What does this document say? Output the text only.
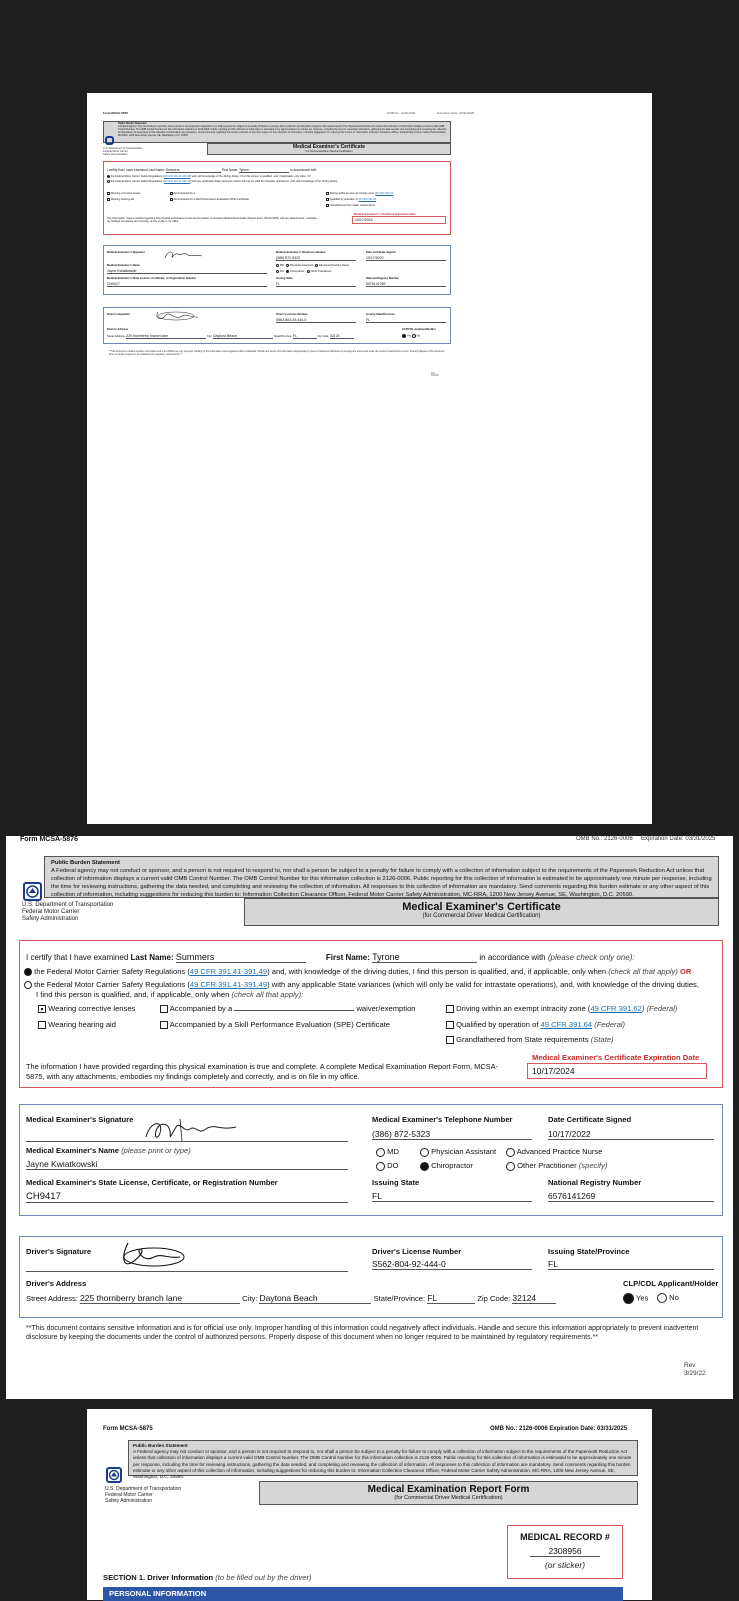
Form MCSA-5876	OMB No.: 2126-0006	Expiration Date: 03/31/2025
Public Burden Statement
A Federal agency may not conduct or sponsor, and a person is not required to respond to, nor shall a person be subject to a penalty for failure to comply with a collection of information subject to the requirements of the Paperwork Reduction Act unless that collection of information displays a current valid OMB Control Number. The OMB Control Number for this information collection is 2126-0006. Public reporting for this collection of information is estimated to be approximately one minute per response, including the time for reviewing instructions, gathering the data needed, and completing and reviewing the collection of information. All responses to this collection of information are mandatory. Send comments regarding this burden estimate or any other aspect of this collection of information, including suggestions for reducing this burden to: Information Collection Clearance Officer, Federal Motor Carrier Safety Administration, MC-RRA, 1200 New Jersey Avenue, SE, Washington, D.C. 20590.
U.S. Department of Transportation
Federal Motor Carrier
Safety Administration
Medical Examiner's Certificate
(for Commercial Driver Medical Certification)
I certify that I have examined Last Name: Summers	First Name: Tyrone	in accordance with
the Federal Motor Carrier Safety Regulations (49 CFR 391.41-391.49) and, with knowledge of the driving duties, I find this person is qualified, and, if applicable, only when OR
the Federal Motor Carrier Safety Regulations (49 CFR 391.41-391.49) with any applicable State variances (which will only be valid for intrastate operations), and, with knowledge of the driving duties,
Wearing corrective lenses
Wearing hearing aid
Accompanied by a
Accompanied by a Skill Performance Evaluation (SPE) Certificate
Driving within an exempt intracity zone (49 CFR 391.62
Qualified by operation of 49 CFR 391.64
Grandfathered from State requirements
The information I have provided regarding this physical examination is true and complete. A complete Medical Examination Report Form, MCSA-5875, with any attachments, embodies my findings completely and correctly, and is on file in my office.
Medical Examiner's Certificate Expiration Date
10/17/2024
Medical Examiner's Signature	Medical Examiner's Telephone Number
(386) 872-5323
Date Certificate Signed
10/17/2022
Medical Examiner's Name
Jayne Kwiatkowski
MD Physician Assistant Advanced Practice Nurse
DO Chiropractor Other Practitioner
Medical Examiner's State License, Certificate, or Registration Number
CH9417
Issuing State
FL
National Registry Number
6576141269
Driver's Signature	Driver's License Number
S562-804-92-444-0
Issuing State/Province
FL
Driver's Address
Street Address: 225 thornberry branch lane	City: Daytona Beach	State/Province: FL	Zip Code: 32124
CLP/CDL Applicant/Holder
Yes No
**This document contains sensitive information and is for official use only. Improper handling of this information could negatively affect individuals. Handle and secure this information appropriately to prevent inadvertent disclosure by keeping the documents under the control of authorized persons. Properly dispose of this document when no longer required to be maintained by regulatory requirements.**
Rev
3/29/22
Form MCSA-5876	OMB No.: 2126-0006 Expiration Date: 03/31/2025
Public Burden Statement
A Federal agency may not conduct or sponsor, and a person is not required to respond to, nor shall a person be subject to a penalty for failure to comply with a collection of information subject to the requirements of the Paperwork Reduction Act unless that collection of information displays a current valid OMB Control Number. The OMB Control Number for this information collection is 2126-0006. Public reporting for this collection of information is estimated to be approximately one minute per response, including the time for reviewing instructions, gathering the data needed, and completing and reviewing the collection of information. All responses to this collection of information are mandatory. Send comments regarding this burden estimate or any other aspect of this collection of information, including suggestions for reducing this burden to: Information Collection Clearance Officer, Federal Motor Carrier Safety Administration, MC-RRA, 1200 New Jersey Avenue, SE, Washington, D.C. 20590.
U.S. Department of Transportation
Federal Motor Carrier
Safety Administration
Medical Examiner's Certificate
(for Commercial Driver Medical Certification)
I certify that I have examined Last Name: Summers	First Name: Tyrone	in accordance with (please check only one):
the Federal Motor Carrier Safety Regulations (49 CFR 391.41-391.49) and, with knowledge of the driving duties, I find this person is qualified, and, if applicable, only when (check all that apply) OR
the Federal Motor Carrier Safety Regulations (49 CFR 391.41-391.49) with any applicable State variances (which will only be valid for intrastate operations), and, with knowledge of the driving duties,
I find this person is qualified, and, if applicable, only when (check all that apply):
Wearing corrective lenses
Wearing hearing aid
Accompanied by a	waiver/exemption
Accompanied by a Skill Performance Evaluation (SPE) Certificate
Driving within an exempt intracity zone (49 CFR 391.62) (Federal)
Qualified by operation of 49 CFR 391.64 (Federal)
Grandfathered from State requirements (State)
The information I have provided regarding this physical examination is true and complete. A complete Medical Examination Report Form, MCSA-5875, with any attachments, embodies my findings completely and correctly, and is on file in my office.
Medical Examiner's Certificate Expiration Date
10/17/2024
Medical Examiner's Signature	Medical Examiner's Telephone Number
(386) 872-5323
Date Certificate Signed
10/17/2022
Medical Examiner's Name (please print or type)
Jayne Kwiatkowski
MD	Physician Assistant	Advanced Practice Nurse
DO	Chiropractor	Other Practitioner (specify)
Medical Examiner's State License, Certificate, or Registration Number
CH9417
Issuing State
FL
National Registry Number
6576141269
Driver's Signature	Driver's License Number
S562-804-92-444-0
Issuing State/Province
FL
Driver's Address
Street Address: 225 thornberry branch lane	City: Daytona Beach	State/Province: FL	Zip Code: 32124
CLP/CDL Applicant/Holder
Yes	No
**This document contains sensitive information and is for official use only. Improper handling of this information could negatively affect individuals. Handle and secure this information appropriately to prevent inadvertent disclosure by keeping the documents under the control of authorized persons. Properly dispose of this document when no longer required to be maintained by regulatory requirements.**
Rev
3/29/22
Form MCSA-5875	OMB No.: 2126-0006 Expiration Date: 03/31/2025
Public Burden Statement
A Federal agency may not conduct or sponsor, and a person is not required to respond to, nor shall a person be subject to a penalty for failure to comply with a collection of information subject to the requirements of the Paperwork Reduction Act unless that collection of information displays a current valid OMB Control Number. The OMB Control Number for this information collection is 2126-0006. Public reporting for this collection of information is estimated to be approximately one minute per response, including the time for reviewing instructions, gathering the data needed, and completing and reviewing the collection of information. All responses to this collection of information are mandatory. Send comments regarding this burden estimate or any other aspect of this collection of information, including suggestions for reducing this burden to: Information Collection Clearance Officer, Federal Motor Carrier Safety Administration, MC-RRA, 1200 New Jersey Avenue, SE, Washington, D.C. 20590.
U.S. Department of Transportation
Federal Motor Carrier
Safety Administration
Medical Examination Report Form
(for Commercial Driver Medical Certification)
MEDICAL RECORD #
2308956
(or sticker)
SECTION 1. Driver Information (to be filled out by the driver)
PERSONAL INFORMATION
